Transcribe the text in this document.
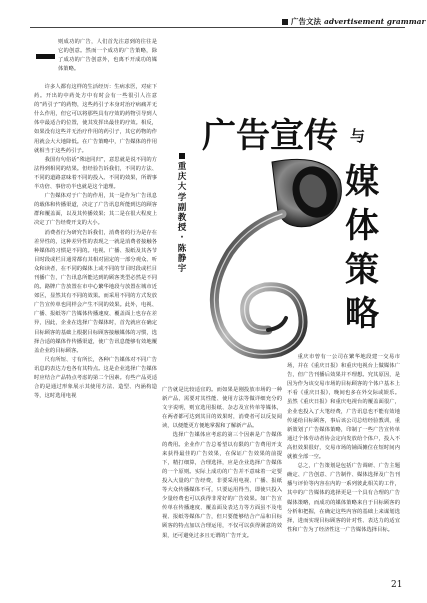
广告文法 advertisement grammar
则成功的广告，人们首先注意到的往往是它的创意。然而一个成功的广告策略，除了成功的广告创意外，也离不开成功的媒体策略。
广告宣传 与
媒
体
策
略
重
庆
大
学
副
教
授
·
陈
静
宇

许多人都有这样的生活经历：生病求医，对症下药。开出的中药处方中有时会有一些很引人注意的“药引子”的药物，这些药引子本身对治疗病痛并无什么作用，但它可以将那些具有疗效的药物引导到人体中最适合的位置，使其发挥出最佳的疗效。相反，如果没有这些并无治疗作用的药引子，其它药物的作用就会大大地降低。在广告策略中，广告媒体的作用就相当于这些药引子。

我国有句俗话“殊途同归”，意思就是说不同的方法得到相同的结果。但经验告诉我们，不同的方法、不同的道路意味着不同的投入、不同的效果，所谓事半功倍、事倍功半也就是这个道理。

广告媒体对于广告的作用，其一是作为广告讯息的载体和传播渠道，决定了广告讯息所能到达的顾客群和覆盖面，以及其传播效果；其二是在很大程度上决定了广告经费开支的大小。

消费者行为研究告诉我们，消费者的行为是存在差异性的，这种差异性的表现之一就是消费者接触各种媒体的习惯是不同的。电视、广播、报纸及其各节目时段或栏目通常都有其相对固定的一部分观众、听众和读者，在不同的媒体上或不同的节目时段或栏目刊播广告，广告讯息所能达到的顾客类型必然是不同的。路牌广告放置在市中心繁华地段与放置在城市近郊区，显然其有不同的效果。而采用不同的方式发放广告宣传单也同样会产生不同的效果。此外，电视、广播、报纸等广告媒体传播速度、覆盖面上也存在差异，因此，企业在选择广告媒体时，首先就应在确定目标顾客的基础上根据目标顾客接触媒体的习惯，选择合适的媒体作传播渠道，使广告讯息能够有效地覆盖企业的目标顾客。

尺有所短、寸有所长，各种广告媒体对不同广告讯息的表达力也各有其特点。这是企业选择广告媒体时应结合产品特点考虑的第二个因素。有些产品更适合的是通过形象展示其使用方法、造型、内涵构造等，这时选用电视

广告就是比较适宜的。而如果是刚投放市场的一种新产品，需要对其性能、使用方法等做详细充分的文字说明，则宜选用报纸、杂志及宣传单等媒体，在两者都可达到其目的效果时，消费者可以反复阅读，以便能更方便地掌握和了解新产品。

选择广告媒体应考虑的第三个因素是广告媒体的费用。企业作广告总希望以有限的广告费用开支来获得最佳的广告效果，在保证广告效果的前提下，精打细算，合理选择，应是企业选择广告媒体的一个原则。实际上成功的广告并不意味着一定要投入大量的广告经费，非要采用电视、广播、报纸等大众传播媒体不可，只要运用得当，即使只投入少量经费也可以获得非常好的广告效果。如广告宣传单在传播速度、覆盖面及表达力等方面虽不及电视、报纸等媒体广告，但只要能够结合产品和目标顾客的特点加以合理运用，不仅可以获得满意的效果，还可避免过多且无谓的广告开支。

重庆市曾有一公司在繁华地段建一交易市场，并在《重庆日报》和重庆电视台上做媒体广告，但广告刊播后效果并不理想。究其原因，是因为作为该交易市场的目标顾客的个体户基本上不看《重庆日报》，晚间也多在外交际或娱乐。虽然《重庆日报》和重庆电视台的覆盖面很广，企业也投入了大笔经费，广告讯息也不能有效地传递给目标顾客，事后该公司总结经验教训，重新策划了广告媒体策略，印制了一些广告宣传单通过个体劳动者协会定向发放给个体户，投入不高但效果很好，交易市场的铺面摊位在短时间内就被全部一空。

总之，广告策划是包括广告调研、广告主题确定、广告创意、广告制作、媒体选择及广告刊播与评价等内容在内的一系列彼此相关的工作，其中的广告媒体的选择更是一个具有合理的广告媒体策略，而成功的媒体策略来自于目标顾客的分析和把握，在确定这些内容的基础上来谋划选择，进而实现目标顾客的针对性、表达力的适宜性和广告为了经济性这一广告媒体选择目标。

21
